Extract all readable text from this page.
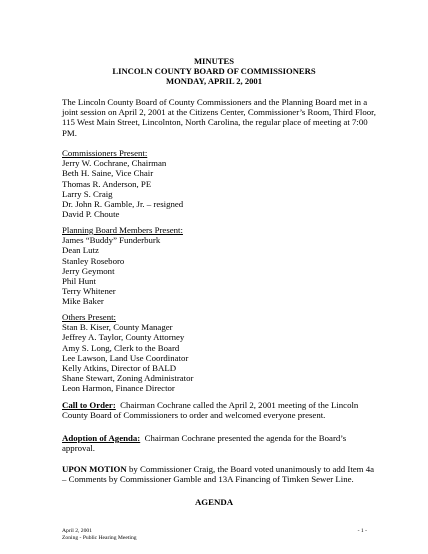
MINUTES
LINCOLN COUNTY BOARD OF COMMISSIONERS
MONDAY, APRIL 2, 2001
The Lincoln County Board of County Commissioners and the Planning Board met in a
joint session on April 2, 2001 at the Citizens Center, Commissioner’s Room, Third Floor,
115 West Main Street, Lincolnton, North Carolina, the regular place of meeting at 7:00
PM.
Commissioners Present:
Jerry W. Cochrane, Chairman
Beth H. Saine, Vice Chair
Thomas R. Anderson, PE
Larry S. Craig
Dr. John R. Gamble, Jr. – resigned
David P. Choute
Planning Board Members Present:
James “Buddy” Funderburk
Dean Lutz
Stanley Roseboro
Jerry Geymont
Phil Hunt
Terry Whitener
Mike Baker
Others Present:
Stan B. Kiser, County Manager
Jeffrey A. Taylor, County Attorney
Amy S. Long, Clerk to the Board
Lee Lawson, Land Use Coordinator
Kelly Atkins, Director of BALD
Shane Stewart, Zoning Administrator
Leon Harmon, Finance Director
Call to Order:  Chairman Cochrane called the April 2, 2001 meeting of the Lincoln
County Board of Commissioners to order and welcomed everyone present.
Adoption of Agenda:  Chairman Cochrane presented the agenda for the Board’s
approval.
UPON MOTION by Commissioner Craig, the Board voted unanimously to add Item 4a
– Comments by Commissioner Gamble and 13A Financing of Timken Sewer Line.
AGENDA
April 2, 2001
Zoning - Public Hearing Meeting
- 1 -
